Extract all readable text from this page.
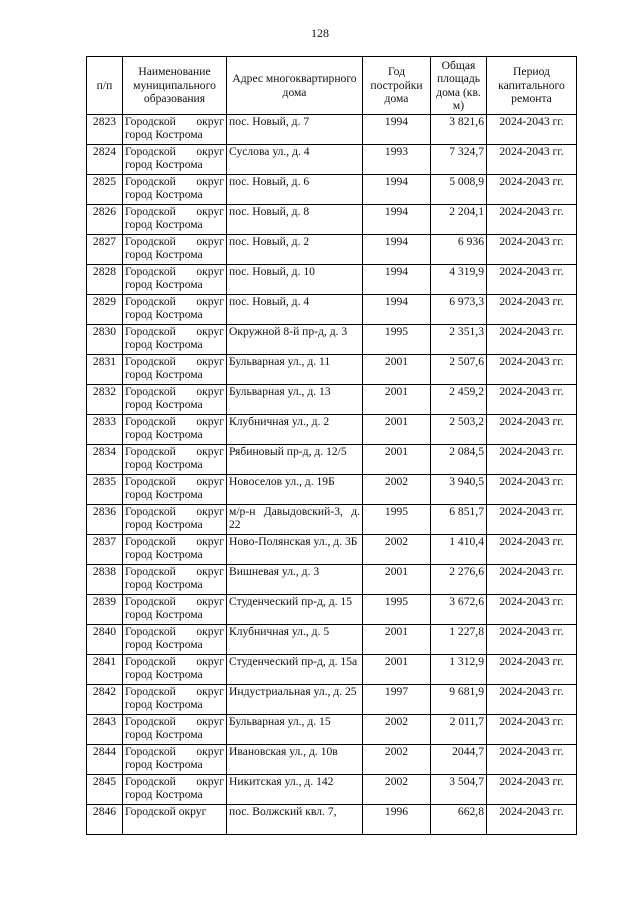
128
п/п	Наименование муниципального образования	Адрес многоквартирного дома	Год постройки дома	Общая площадь дома (кв. м)	Период капитального ремонта
2823	Городской округ город Кострома	пос. Новый, д. 7	1994	3 821,6	2024-2043 гг.
2824	Городской округ город Кострома	Суслова ул., д. 4	1993	7 324,7	2024-2043 гг.
2825	Городской округ город Кострома	пос. Новый, д. 6	1994	5 008,9	2024-2043 гг.
2826	Городской округ город Кострома	пос. Новый, д. 8	1994	2 204,1	2024-2043 гг.
2827	Городской округ город Кострома	пос. Новый, д. 2	1994	6 936	2024-2043 гг.
2828	Городской округ город Кострома	пос. Новый, д. 10	1994	4 319,9	2024-2043 гг.
2829	Городской округ город Кострома	пос. Новый, д. 4	1994	6 973,3	2024-2043 гг.
2830	Городской округ город Кострома	Окружной 8-й пр-д, д. 3	1995	2 351,3	2024-2043 гг.
2831	Городской округ город Кострома	Бульварная ул., д. 11	2001	2 507,6	2024-2043 гг.
2832	Городской округ город Кострома	Бульварная ул., д. 13	2001	2 459,2	2024-2043 гг.
2833	Городской округ город Кострома	Клубничная ул., д. 2	2001	2 503,2	2024-2043 гг.
2834	Городской округ город Кострома	Рябиновый пр-д, д. 12/5	2001	2 084,5	2024-2043 гг.
2835	Городской округ город Кострома	Новоселов ул., д. 19Б	2002	3 940,5	2024-2043 гг.
2836	Городской округ город Кострома	м/р-н Давыдовский-3, д. 22	1995	6 851,7	2024-2043 гг.
2837	Городской округ город Кострома	Ново-Полянская ул., д. 3Б	2002	1 410,4	2024-2043 гг.
2838	Городской округ город Кострома	Вишневая ул., д. 3	2001	2 276,6	2024-2043 гг.
2839	Городской округ город Кострома	Студенческий пр-д, д. 15	1995	3 672,6	2024-2043 гг.
2840	Городской округ город Кострома	Клубничная ул., д. 5	2001	1 227,8	2024-2043 гг.
2841	Городской округ город Кострома	Студенческий пр-д, д. 15а	2001	1 312,9	2024-2043 гг.
2842	Городской округ город Кострома	Индустриальная ул., д. 25	1997	9 681,9	2024-2043 гг.
2843	Городской округ город Кострома	Бульварная ул., д. 15	2002	2 011,7	2024-2043 гг.
2844	Городской округ город Кострома	Ивановская ул., д. 10в	2002	2044,7	2024-2043 гг.
2845	Городской округ город Кострома	Никитская ул., д. 142	2002	3 504,7	2024-2043 гг.
2846	Городской округ	пос. Волжский квл. 7,	1996	662,8	2024-2043 гг.
